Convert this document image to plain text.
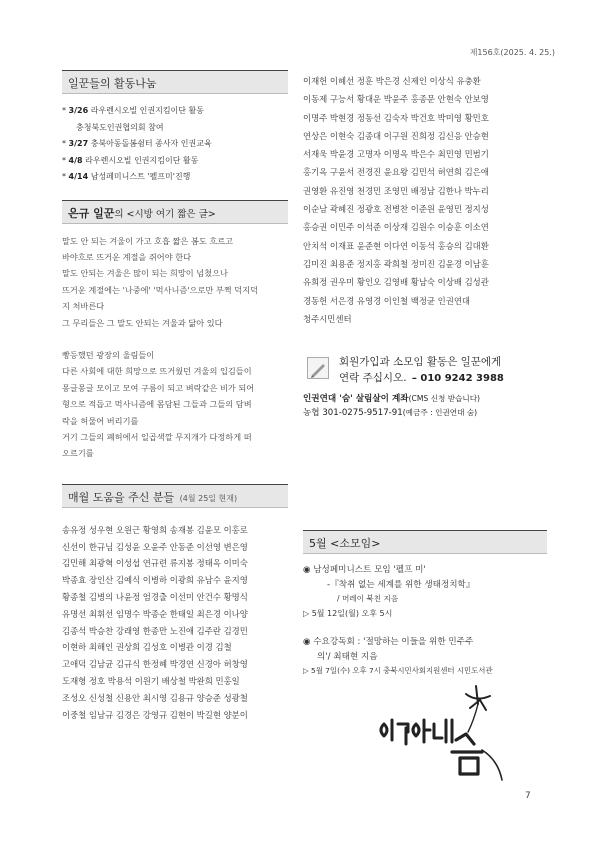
제156호(2025. 4. 25.)
일꾼들의 활동나눔
* 3/26 라우렌시오빌 인권지킴이단 활동
충청북도인권협의회 참여
* 3/27 충북아동돌봄쉼터 종사자 인권교육
* 4/8 라우렌시오빌 인권지킴이단 활동
* 4/14 남성페미니스트 '펠프미'진행
은규 일꾼의 <시방 여기 짧은 글>
말도 안 되는 겨울이 가고 호흡 짧은 봄도 흐르고
바야흐로 뜨거운 계절을 쥐어야 한다
말도 안되는 겨울은 많이 되는 희망이 넘쳤으나
뜨거운 계절에는 '나중에' '먹사니즘'으로만 부쩍 덕지덕
지 처바른다
그 무리들은 그 말도 안되는 겨울과 닮아 있다
빵등했던 광장의 울림들이
다른 사회에 대한 희망으로 뜨거웠던 겨울의 입김들이
몽글몽글 모이고 모여 구름이 되고 벼락같은 비가 되어
형으로 적듭고 먹사니즘에 몸담된 그들과 그들의 담벼
락을 허물어 버리기를
거기 그들의 폐허에서 일곱색깔 무지개가 다정하게 떠
오르기를
매월 도움을 주신 분들 (4월 25일 현재)
송유정 성우현 오원근 황영희 송재봉 김윤모 이홍로
신선이 한규님 김성윤 오윤주 안동준 이선영 변은영
김민해 최광혁 이성섭 연규련 류지봉 정태옥 이미숙
박종효 장인산 김예식 이병하 이광희 유남수 윤지영
황종철 김병의 나윤정 엄경출 이선미 안건수 황명식
유명선 최휘선 임명수 박종순 한태일 최은경 이나양
김종석 박승찬 강래영 한종만 노진애 김주란 김경민
이현하 최해인 권상희 김성호 이병관 이경 김철
고애덕 김남균 김규식 한정혜 박경연 신경아 허창영
도재형 정호 박용석 이원기 배상철 박완희 민홍일
조성오 신성철 신용안 최시영 김용규 양승준 성광철
이중철 임남규 김경은 강영규 김현이 박길현 양분이
이재헌 이혜선 정훈 박은경 신제인 이상식 유충환
이동제 구능서 황대운 박윤주 홍종문 안현숙 안보영
이명주 박현경 정동선 김숙자 박건호 박미영 황민호
연상은 이현숙 김종대 이구원 진희정 김신응 안승현
서재욱 박윤경 고명자 이명옥 박은수 최민영 민범기
홍기옥 구윤서 전경진 윤요왕 김민석 허연희 김은애
권영환 유진영 천경민 조영민 배정남 김한나 박누리
이순남 곽혜진 정광호 전병찬 이준원 윤영민 정지성
홍승권 이민주 이석준 이상재 김원수 이승훈 이소연
안치석 이재표 윤준현 이다연 이동석 홍승의 김대환
김미진 최용준 정지홍 곽희철 정미진 김윤경 이남훈
유희정 권우미 황인오 김영배 황남숙 이상배 김성관
경동헌 서은경 유영경 이인철 백정균 인권연대
청주시민센터
5월 <소모임>
◉ 남성페미니스트 모임 '펠프 미'
-『착취 없는 세계를 위한 생태정치학』
/ 머레이 북친 지음
▷ 5월 12일(월) 오후 5시
◉ 수요강독회 : '절망하는 이들을 위한 민주주
의'/ 최태현 지음
▷ 5월 7일(수) 오후 7시 충북시민사회지원센터 시민도서관
회원가입과 소모임 활동은 일꾼에게
연락 주십시오. – 010 9242 3988
인권연대 '숨' 살림살이 계좌(CMS 신청 받습니다)
농협 301-0275-9517-91(예금주 : 인권연대 숨)
7
